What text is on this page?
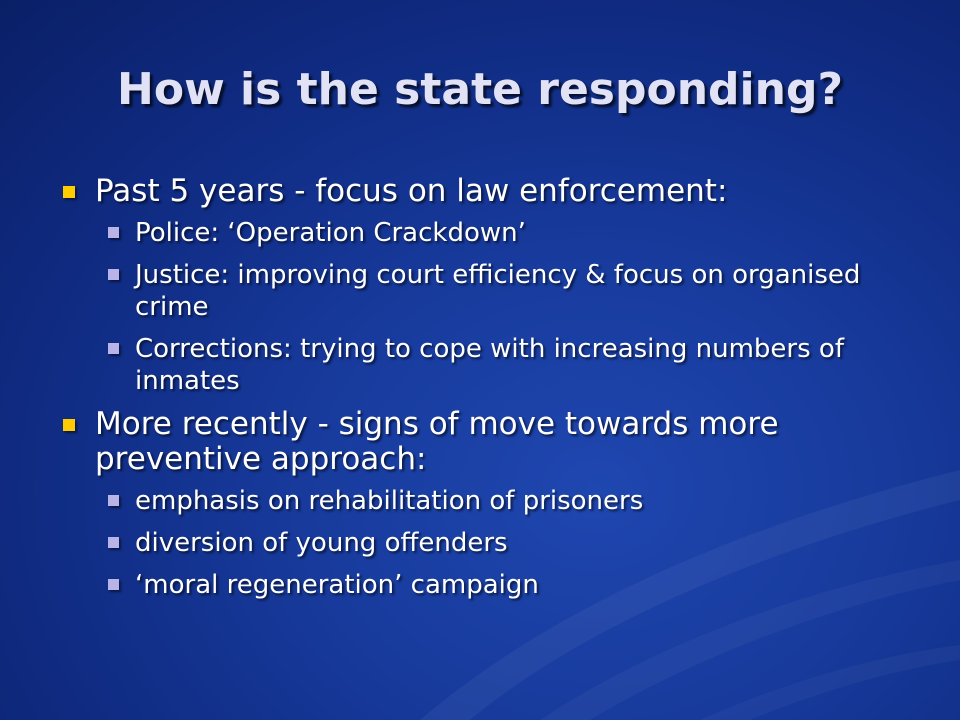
How is the state responding?
Past 5 years - focus on law enforcement:
Police: ‘Operation Crackdown’
Justice: improving court efficiency & focus on organised crime
Corrections: trying to cope with increasing numbers of inmates
More recently - signs of move towards more preventive approach:
emphasis on rehabilitation of prisoners
diversion of young offenders
‘moral regeneration’ campaign
